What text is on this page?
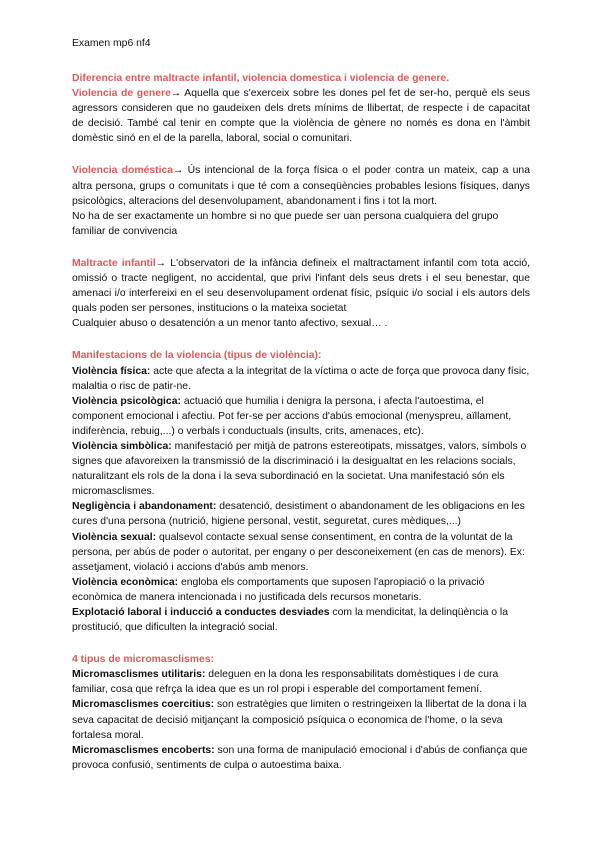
Examen mp6 nf4
Diferencia entre maltracte infantil, violencia domestica i violencia de genere.
Violencia de genere→ Aquella que s'exerceix sobre les dones pel fet de ser-ho, perquè els seus agressors consideren que no gaudeixen dels drets mínims de llibertat, de respecte i de capacitat de decisió. També cal tenir en compte que la violència de gènere no només es dona en l'àmbit domèstic sinó en el de la parella, laboral, social o comunitari.

Violencia doméstica→ Ús intencional de la força física o el poder contra un mateix, cap a una altra persona, grups o comunitats i que té com a conseqüències probables lesions físiques, danys psicològics, alteracions del desenvolupament, abandonament i fins i tot la mort.

No ha de ser exactamente un hombre si no que puede ser uan persona cualquiera del grupo familiar de convivencia

Maltracte infantil→ L'observatori de la infància defineix el maltractament infantil com tota acció, omissió o tracte negligent, no accidental, que privi l'infant dels seus drets i el seu benestar, que amenaci i/o interfereixi en el seu desenvolupament ordenat físic, psíquic i/o social i els autors dels quals poden ser persones, institucions o la mateixa societat

Cualquier abuso o desatención a un menor tanto afectivo, sexual… .

Manifestacions de la violencia (tipus de violència):

Violència física: acte que afecta a la integritat de la víctima o acte de força que provoca dany físic, malaltia o risc de patir-ne.

Violència psicològica: actuació que humilia i denigra la persona, i afecta l'autoestima, el component emocional i afectiu. Pot fer-se per accions d'abús emocional (menyspreu, aïllament, indiferència, rebuig,...) o verbals i conductuals (insults, crits, amenaces, etc).

Violència simbòlica: manifestació per mitjà de patrons estereotipats, missatges, valors, símbols o signes que afavoreixen la transmissió de la discriminació i la desigualtat en les relacions socials, naturalitzant els rols de la dona i la seva subordinació en la societat. Una manifestació són els micromasclismes.

Negligència i abandonament: desatenció, desistiment o abandonament de les obligacions en les cures d'una persona (nutrició, higiene personal, vestit, seguretat, cures mèdiques,...)

Violència sexual: qualsevol contacte sexual sense consentiment, en contra de la voluntat de la persona, per abús de poder o autoritat, per engany o per desconeixement (en cas de menors). Ex: assetjament, violació i accions d'abús amb menors.

Violència econòmica: engloba els comportaments que suposen l'apropiació o la privació econòmica de manera intencionada i no justificada dels recursos monetaris.

Explotació laboral i inducció a conductes desviades com la mendicitat, la delinqüència o la prostitució, que dificulten la integració social.

4 tipus de micromasclismes:

Micromasclismes utilitaris: deleguen en la dona les responsabilitats domèstiques i de cura familiar, cosa que refrça la idea que es un rol propi i esperable del comportament femení.

Micromasclismes coercitius: son estratègies que limiten o restringeixen la llibertat de la dona i la seva capacitat de decisió mitjançant la composició psíquica o economica de l'home, o la seva fortalesa moral.

Micromasclismes encoberts: son una forma de manipulació emocional i d'abús de confiança que provoca confusió, sentiments de culpa o autoestima baixa.
